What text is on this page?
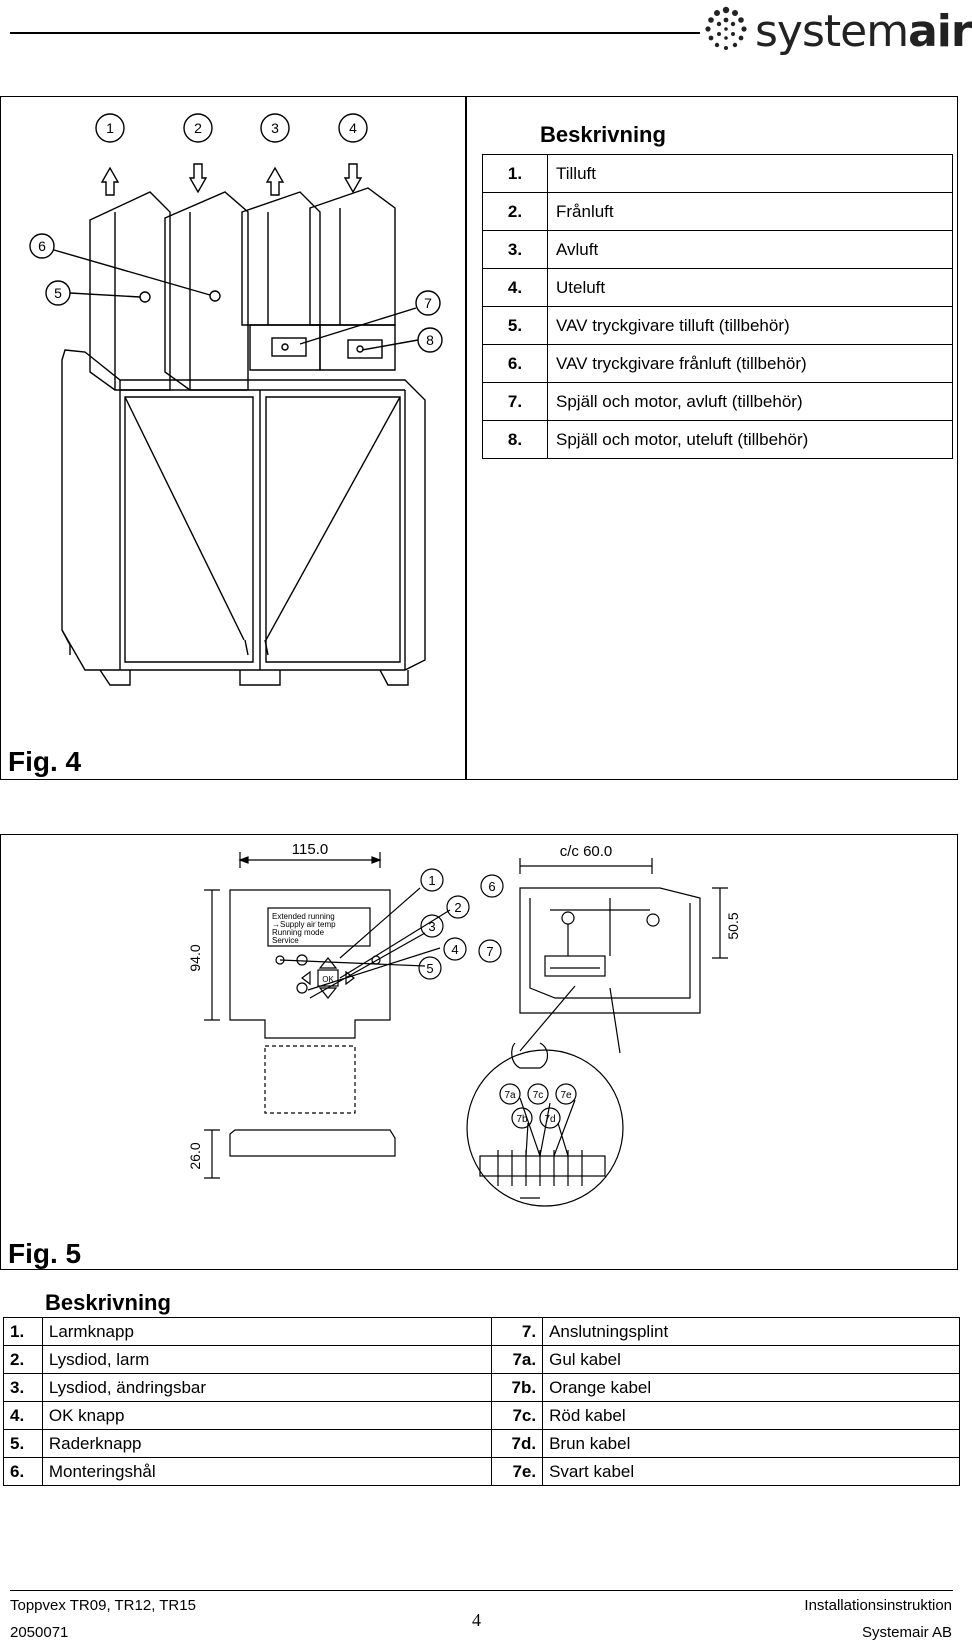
systemair
1	2	3	4
5
6
7
8
Fig. 4
Beskrivning
1.	Tilluft
2.	Frånluft
3.	Avluft
4.	Uteluft
5.	VAV tryckgivare tilluft (tillbehör)
6.	VAV tryckgivare frånluft (tillbehör)
7.	Spjäll och motor, avluft (tillbehör)
8.	Spjäll och motor, uteluft (tillbehör)
115.0	c/c 60.0
94.0
26.0
50.5
Extended running
→Supply air temp
Running mode
Service
OK
1
2
3
4
5
6
7
7a
7b
7c
7d
7e
Fig. 5
Beskrivning
1.	Larmknapp	7.	Anslutningsplint
2.	Lysdiod, larm	7a.	Gul kabel
3.	Lysdiod, ändringsbar	7b.	Orange kabel
4.	OK knapp	7c.	Röd kabel
5.	Raderknapp	7d.	Brun kabel
6.	Monteringshål	7e.	Svart kabel
Toppvex TR09, TR12, TR15	Installationsinstruktion
4
2050071	Systemair AB
